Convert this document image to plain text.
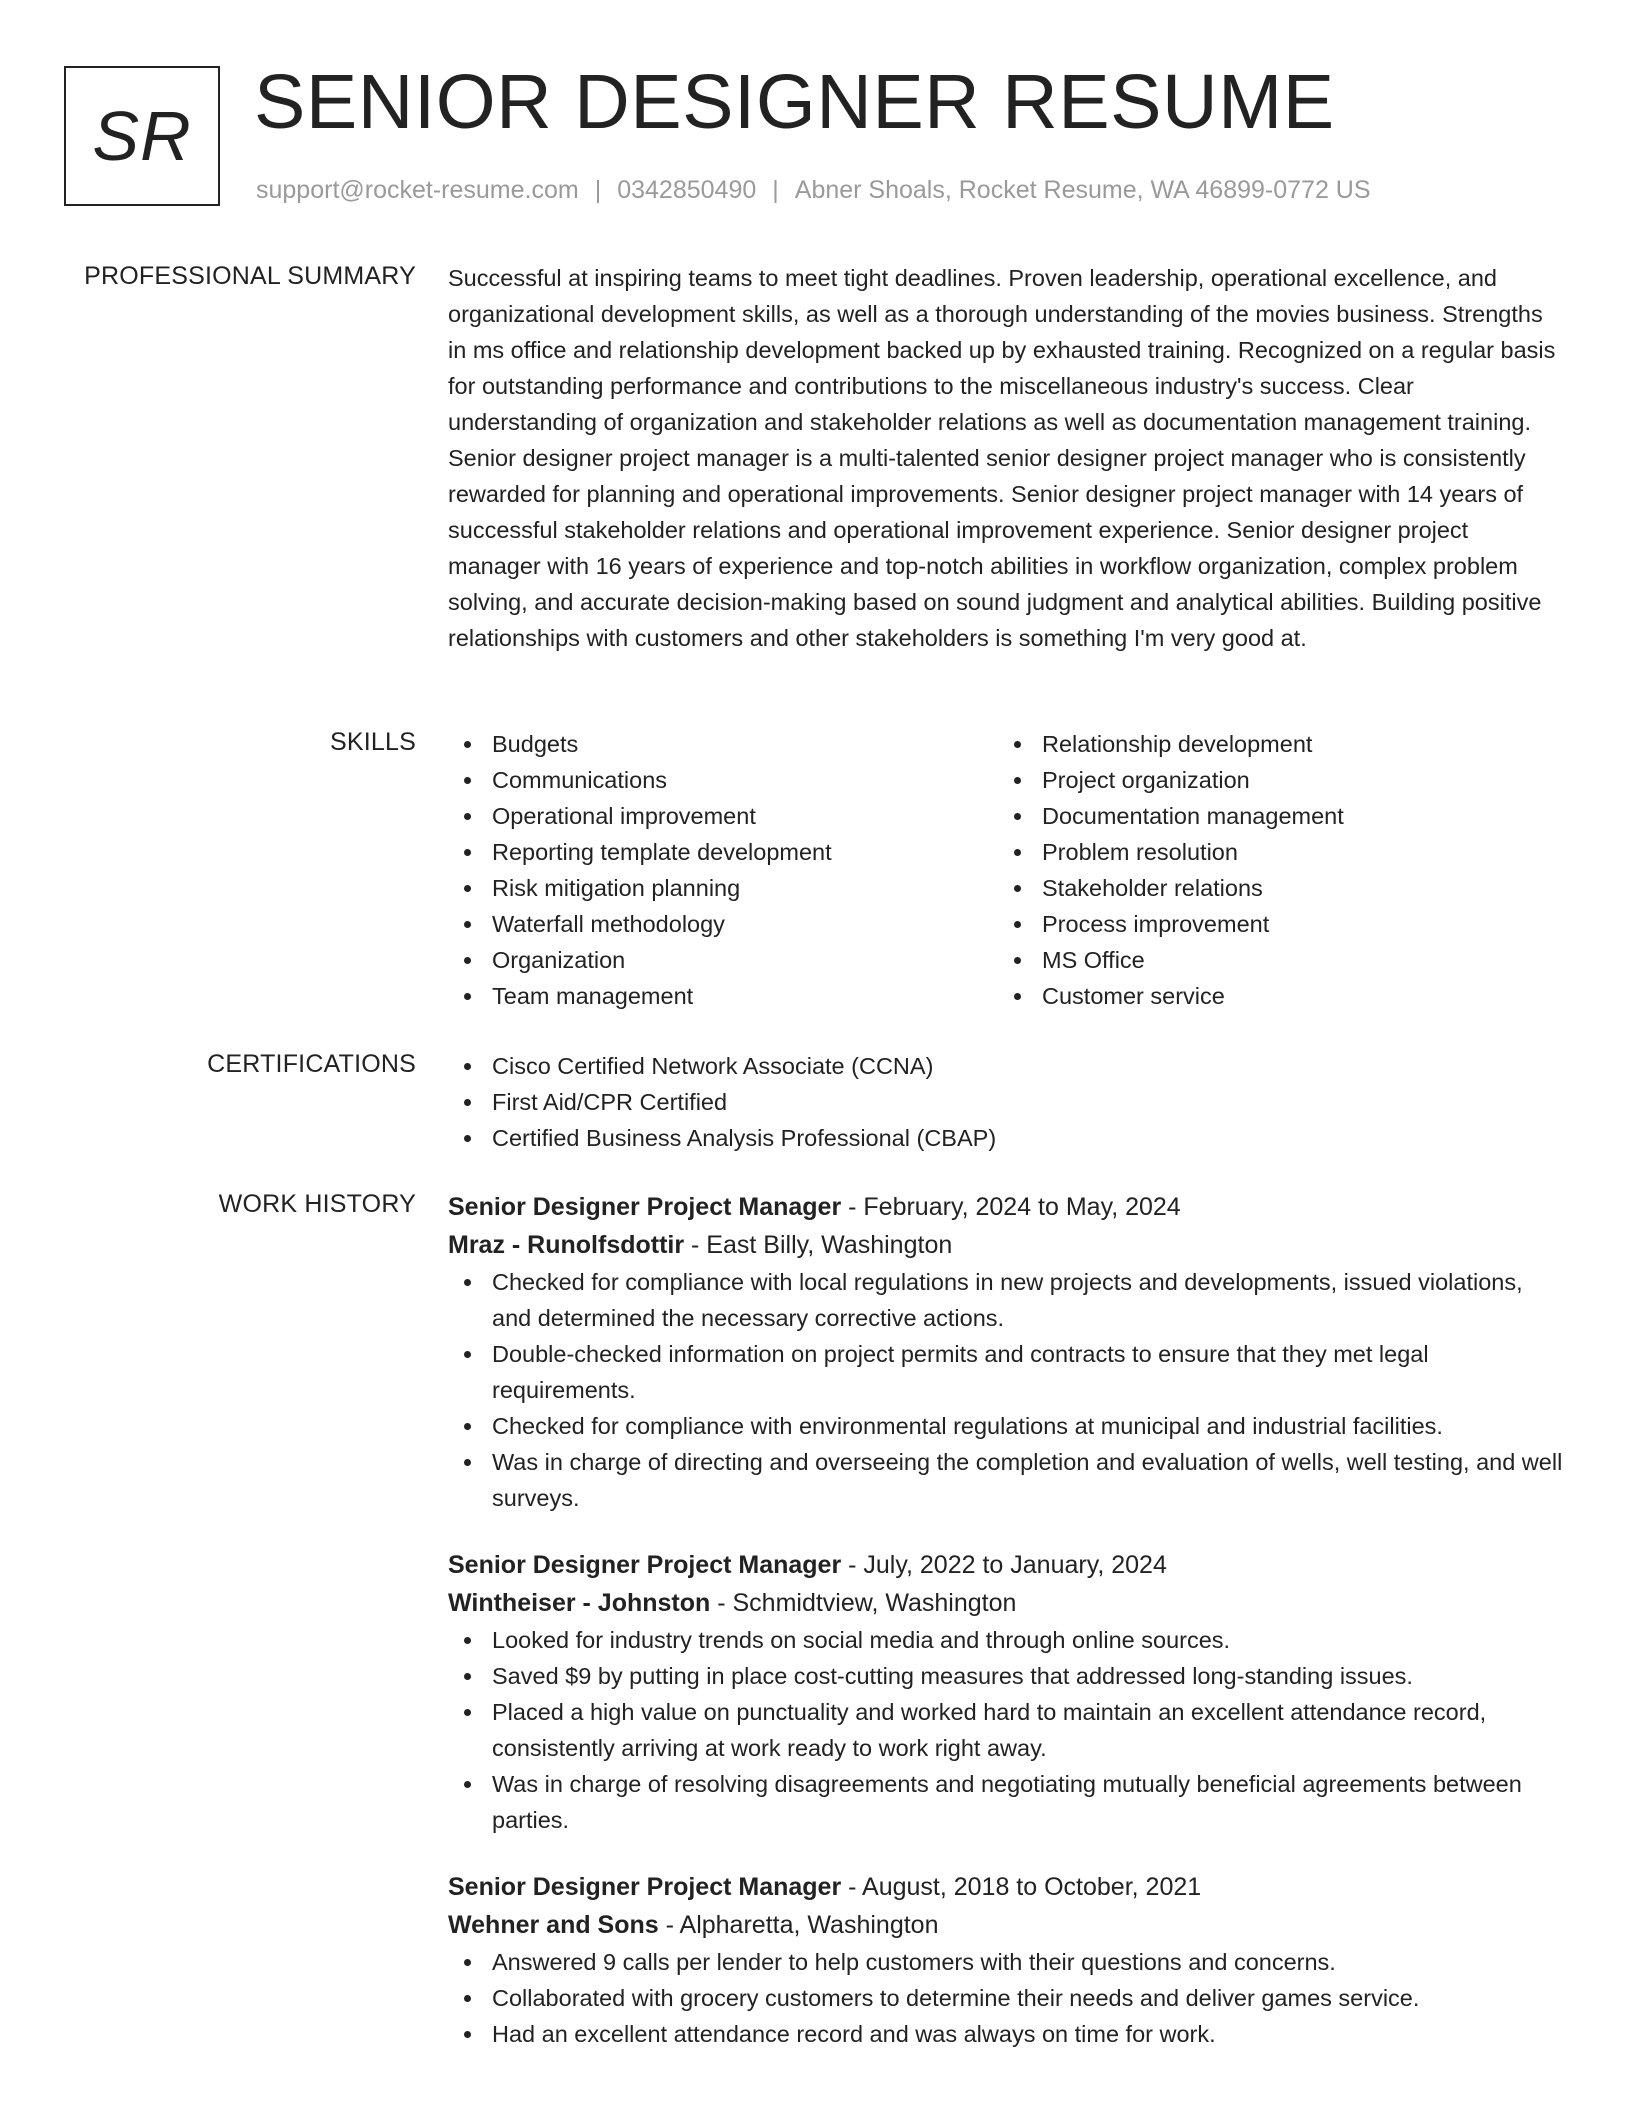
SR SENIOR DESIGNER RESUME
support@rocket-resume.com | 0342850490 | Abner Shoals, Rocket Resume, WA 46899-0772 US
PROFESSIONAL SUMMARY Successful at inspiring teams to meet tight deadlines. Proven leadership, operational excellence, and organizational development skills, as well as a thorough understanding of the movies business. Strengths in ms office and relationship development backed up by exhausted training. Recognized on a regular basis for outstanding performance and contributions to the miscellaneous industry's success. Clear understanding of organization and stakeholder relations as well as documentation management training. Senior designer project manager is a multi-talented senior designer project manager who is consistently rewarded for planning and operational improvements. Senior designer project manager with 14 years of successful stakeholder relations and operational improvement experience. Senior designer project manager with 16 years of experience and top-notch abilities in workflow organization, complex problem solving, and accurate decision-making based on sound judgment and analytical abilities. Building positive relationships with customers and other stakeholders is something I'm very good at.

SKILLS	Budgets
Communications
Operational improvement
Reporting template development
Risk mitigation planning
Waterfall methodology
Organization
Team management
Relationship development
Project organization
Documentation management
Problem resolution
Stakeholder relations
Process improvement
MS Office
Customer service
CERTIFICATIONS	Cisco Certified Network Associate (CCNA)
First Aid/CPR Certified
Certified Business Analysis Professional (CBAP)
WORK HISTORY Senior Designer Project Manager - February, 2024 to May, 2024
Mraz - Runolfsdottir - East Billy, Washington
Checked for compliance with local regulations in new projects and developments, issued violations, and determined the necessary corrective actions.
Double-checked information on project permits and contracts to ensure that they met legal requirements.
Checked for compliance with environmental regulations at municipal and industrial facilities.
Was in charge of directing and overseeing the completion and evaluation of wells, well testing, and well surveys.
Senior Designer Project Manager - July, 2022 to January, 2024
Wintheiser - Johnston - Schmidtview, Washington
Looked for industry trends on social media and through online sources.
Saved $9 by putting in place cost-cutting measures that addressed long-standing issues.
Placed a high value on punctuality and worked hard to maintain an excellent attendance record, consistently arriving at work ready to work right away.
Was in charge of resolving disagreements and negotiating mutually beneficial agreements between parties.
Senior Designer Project Manager - August, 2018 to October, 2021
Wehner and Sons - Alpharetta, Washington
Answered 9 calls per lender to help customers with their questions and concerns.
Collaborated with grocery customers to determine their needs and deliver games service.
Had an excellent attendance record and was always on time for work.
